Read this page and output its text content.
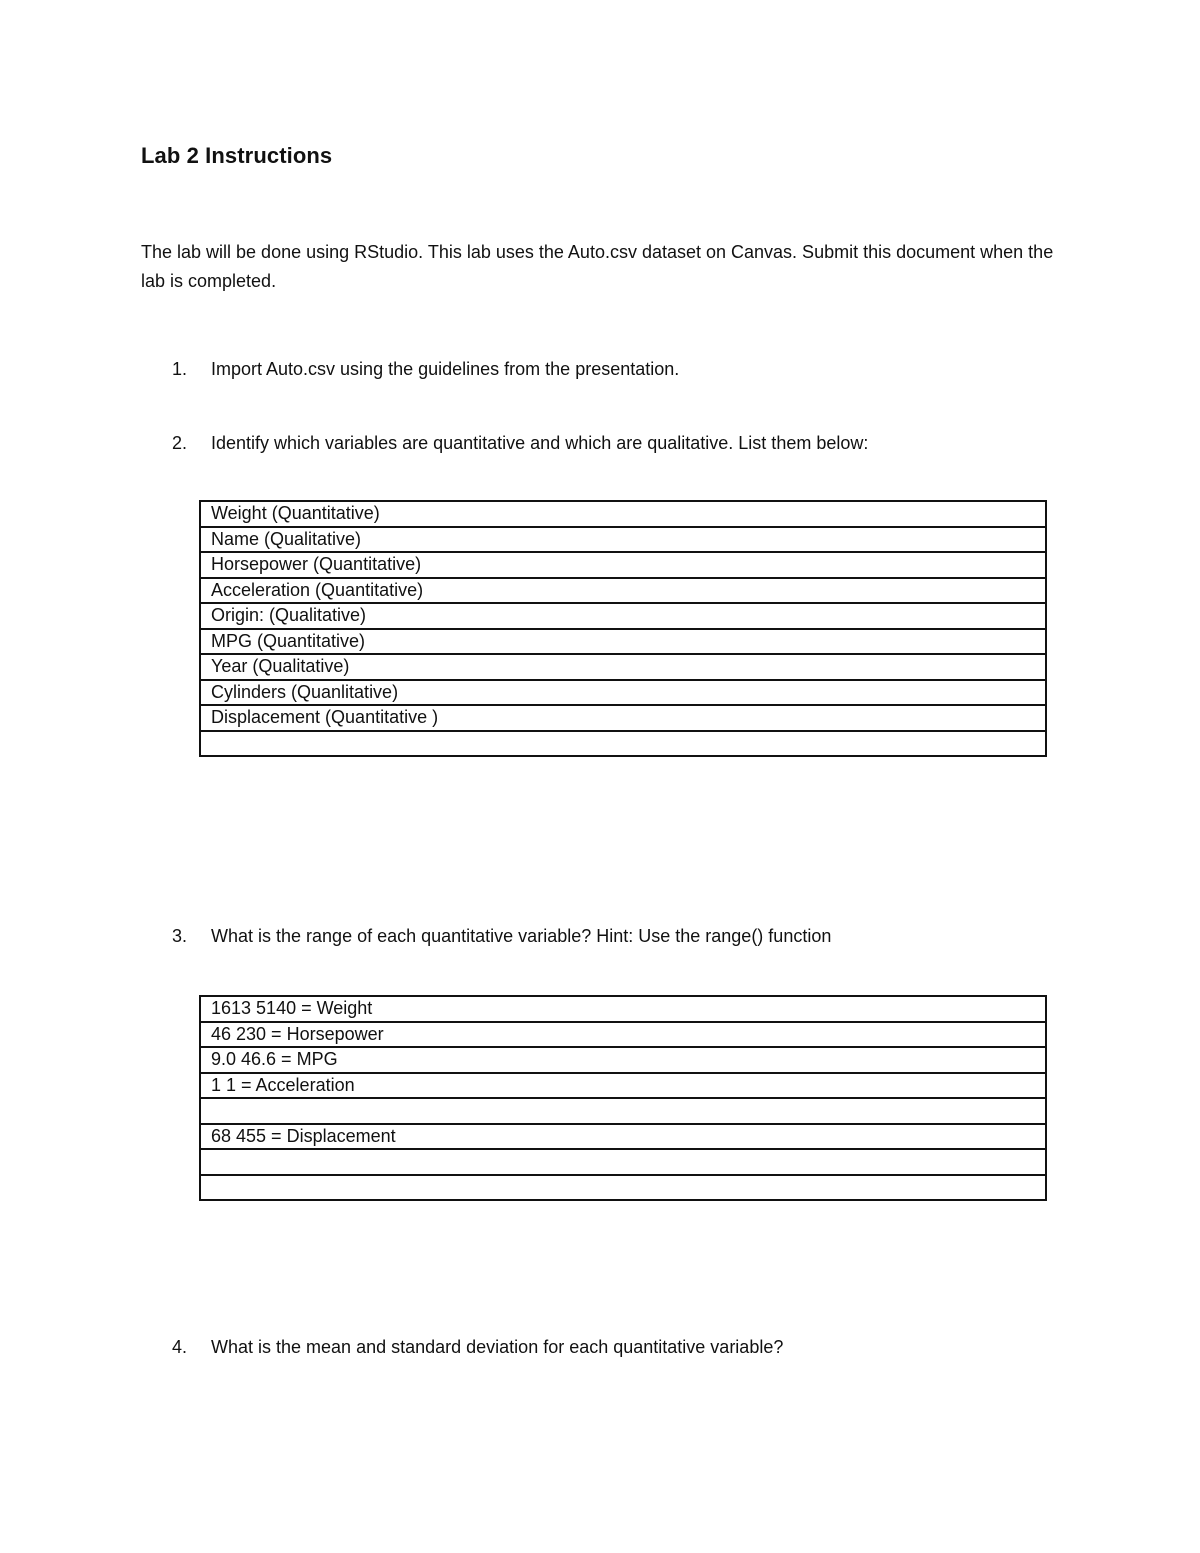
Lab 2 Instructions

The lab will be done using RStudio. This lab uses the Auto.csv dataset on Canvas. Submit this document when the lab is completed.

1. Import Auto.csv using the guidelines from the presentation.
2. Identify which variables are quantitative and which are qualitative. List them below:
Weight (Quantitative)
Name (Qualitative)
Horsepower (Quantitative)
Acceleration (Quantitative)
Origin: (Qualitative)
MPG (Quantitative)
Year (Qualitative)
Cylinders (Quanlitative)
Displacement (Quantitative )

3. What is the range of each quantitative variable? Hint: Use the range() function
1613 5140 = Weight
46 230 = Horsepower
9.0 46.6 = MPG
1 1 = Acceleration

68 455 = Displacement

4. What is the mean and standard deviation for each quantitative variable?
